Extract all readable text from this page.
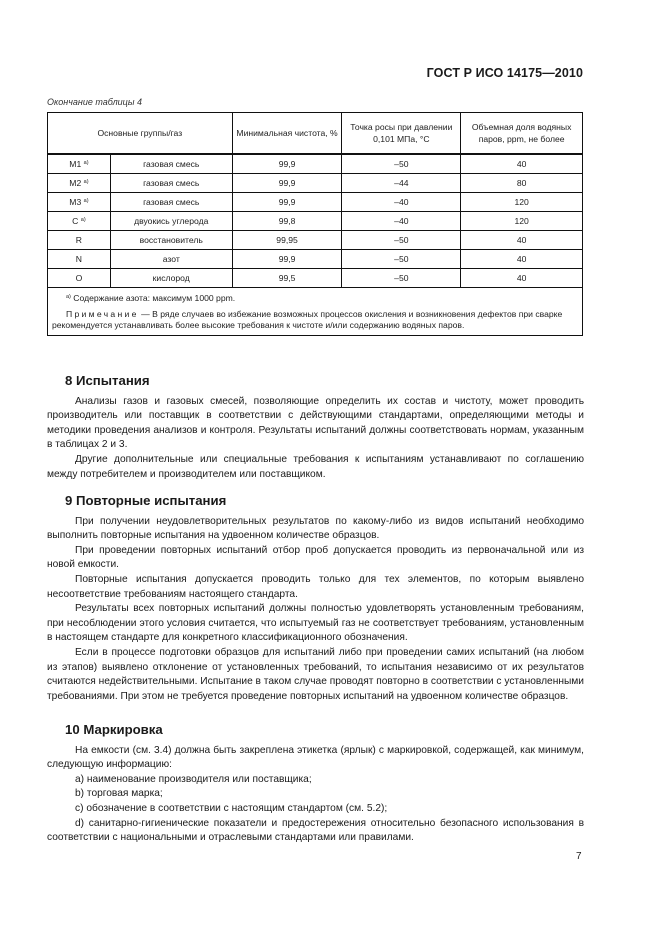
ГОСТ Р ИСО 14175—2010
Окончание таблицы 4
Основные группы/газ		Минимальная чистота, %	Точка росы при давлении 0,101 МПа, °С	Объемная доля водяных паров, ppm, не более
M1 $^{a)}$	газовая смесь	99,9	–50	40
M2 $^{a)}$	газовая смесь	99,9	–44	80
M3 $^{a)}$	газовая смесь	99,9	–40	120
C $^{a)}$	двуокись углерода	99,8	–40	120
R	восстановитель	99,95	–50	40
N	азот	99,9	–50	40
O	кислород	99,5	–50	40

$^{а)}$ Содержание азота: максимум 1000 ppm.

Примечание — В ряде случаев во избежание возможных процессов окисления и возникновения дефектов при сварке рекомендуется устанавливать более высокие требования к чистоте и/или содержанию водяных паров.				

8 Испытания

Анализы газов и газовых смесей, позволяющие определить их состав и чистоту, может проводить производитель или поставщик в соответствии с действующими стандартами, определяющими методы и методики проведения анализов и контроля. Результаты испытаний должны соответствовать нормам, указанным в таблицах 2 и 3.

Другие дополнительные или специальные требования к испытаниям устанавливают по соглашению между потребителем и производителем или поставщиком.

9 Повторные испытания

При получении неудовлетворительных результатов по какому-либо из видов испытаний необходимо выполнить повторные испытания на удвоенном количестве образцов.

При проведении повторных испытаний отбор проб допускается проводить из первоначальной или из новой емкости.

Повторные испытания допускается проводить только для тех элементов, по которым выявлено несоответствие требованиям настоящего стандарта.

Результаты всех повторных испытаний должны полностью удовлетворять установленным требованиям, при несоблюдении этого условия считается, что испытуемый газ не соответствует требованиям, установленным в настоящем стандарте для конкретного классификационного обозначения.

Если в процессе подготовки образцов для испытаний либо при проведении самих испытаний (на любом из этапов) выявлено отклонение от установленных требований, то испытания независимо от их результатов считаются недействительными. Испытание в таком случае проводят повторно в соответствии с установленными требованиями. При этом не требуется проведение повторных испытаний на удвоенном количестве образцов.

10 Маркировка

На емкости (см. 3.4) должна быть закреплена этикетка (ярлык) с маркировкой, содержащей, как минимум, следующую информацию:

a) наименование производителя или поставщика;

b) торговая марка;

c) обозначение в соответствии с настоящим стандартом (см. 5.2);

d) санитарно-гигиенические показатели и предостережения относительно безопасного использования в соответствии с национальными и отраслевыми стандартами или правилами.

7
